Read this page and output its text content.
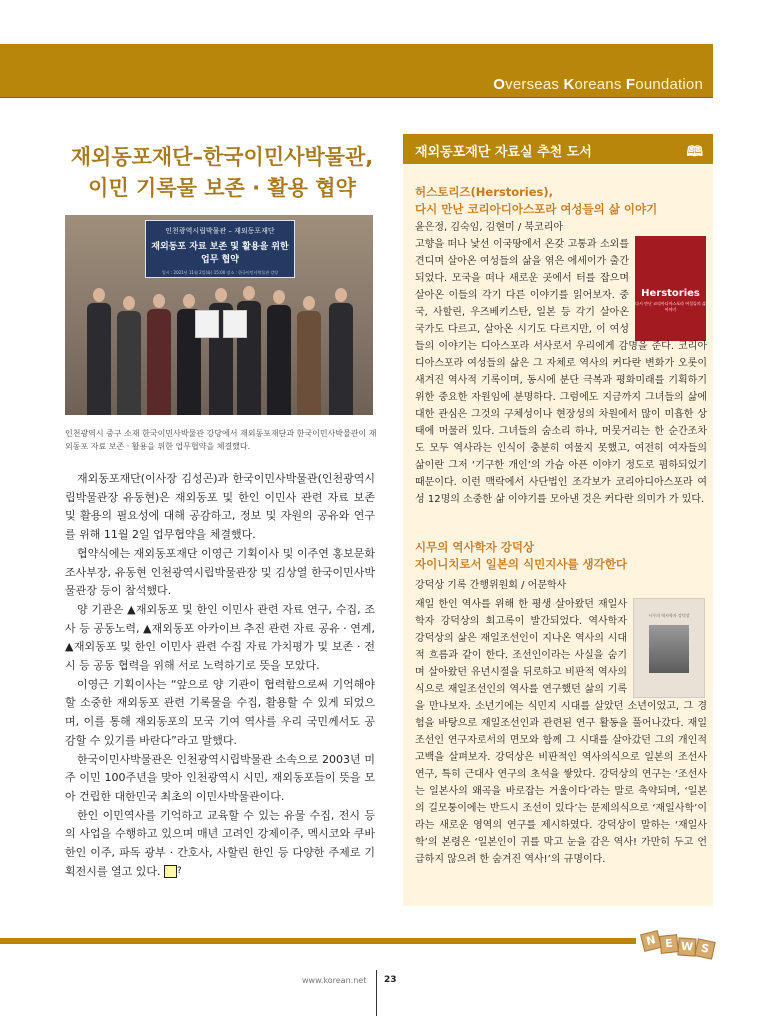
Overseas Koreans Foundation
재외동포재단–한국이민사박물관,
이민 기록물 보존 · 활용 협약
인천광역시립박물관 – 재외동포재단
재외동포 자료 보존 및 활용을 위한 업무 협약
일시 : 2021년 11월 2일(화) 15:00 장소 : 한국이민사박물관 강당
인천광역시 중구 소재 한국이민사박물관 강당에서 재외동포재단과 한국이민사박물관이 재외동포 자료 보존 · 활용을 위한 업무협약을 체결했다.

재외동포재단(이사장 김성곤)과 한국이민사박물관(인천광역시립박물관장 유동현)은 재외동포 및 한인 이민사 관련 자료 보존 및 활용의 필요성에 대해 공감하고, 정보 및 자원의 공유와 연구를 위해 11월 2일 업무협약을 체결했다.

협약식에는 재외동포재단 이영근 기획이사 및 이주연 홍보문화조사부장, 유동현 인천광역시립박물관장 및 김상열 한국이민사박물관장 등이 참석했다.

양 기관은 ▲재외동포 및 한인 이민사 관련 자료 연구, 수집, 조사 등 공동노력, ▲재외동포 아카이브 추진 관련 자료 공유 · 연계, ▲재외동포 및 한인 이민사 관련 수집 자료 가치평가 및 보존 · 전시 등 공동 협력을 위해 서로 노력하기로 뜻을 모았다.

이영근 기획이사는 “앞으로 양 기관이 협력함으로써 기억해야 할 소중한 재외동포 관련 기록물을 수집, 활용할 수 있게 되었으며, 이를 통해 재외동포의 모국 기여 역사를 우리 국민께서도 공감할 수 있기를 바란다”라고 말했다.

한국이민사박물관은 인천광역시립박물관 소속으로 2003년 미주 이민 100주년을 맞아 인천광역시 시민, 재외동포들이 뜻을 모아 건립한 대한민국 최초의 이민사박물관이다.

한인 이민역사를 기억하고 교육할 수 있는 유물 수집, 전시 등의 사업을 수행하고 있으며 매년 고려인 강제이주, 멕시코와 쿠바 한인 이주, 파독 광부 · 간호사, 사할린 한인 등 다양한 주제로 기획전시를 열고 있다. ?

재외동포재단 자료실 추천 도서	🕮
허스토리즈(Herstories),
다시 만난 코리아디아스포라 여성들의 삶 이야기
윤은정, 김숙임, 김현미 / 북코리아
Herstories
다시 만난 코리아디아스포라 여성들의 삶 이야기
고향을 떠나 낯선 이국땅에서 온갖 고통과 소외를 견디며 살아온 여성들의 삶을 엮은 에세이가 출간되었다. 모국을 떠나 새로운 곳에서 터를 잡으며 살아온 이들의 각기 다른 이야기를 읽어보자. 중국, 사할린, 우즈베키스탄, 일본 등 각기 살아온 국가도 다르고, 살아온 시기도 다르지만, 이 여성들의 이야기는 디아스포라 서사로서 우리에게 감명을 준다. 코리아 디아스포라 여성들의 삶은 그 자체로 역사의 커다란 변화가 오롯이 새겨진 역사적 기록이며, 동시에 분단 극복과 평화미래를 기획하기 위한 중요한 자원임에 분명하다. 그럼에도 지금까지 그녀들의 삶에 대한 관심은 그것의 구체성이나 현장성의 차원에서 많이 미흡한 상태에 머물러 있다. 그녀들의 숨소리 하나, 머뭇거리는 한 순간조차도 모두 역사라는 인식이 충분히 여물지 못했고, 여전히 여자들의 삶이란 그저 ‘기구한 개인’의 가슴 아픈 이야기 정도로 폄하되었기 때문이다. 이런 맥락에서 사단법인 조각보가 코리아디아스포라 여성 12명의 소중한 삶 이야기를 모아낸 것은 커다란 의미가 가 있다.
시무의 역사학자 강덕상
자이니치로서 일본의 식민지사를 생각한다
강덕상 기록 간행위원회 / 어문학사
시무의 역사학자 강덕상
재일 한인 역사를 위해 한 평생 살아왔던 재일사학자 강덕상의 회고록이 발간되었다. 역사학자 강덕상의 삶은 재일조선인이 지나온 역사의 시대적 흐름과 같이 한다. 조선인이라는 사실을 숨기며 살아왔던 유년시절을 뒤로하고 비판적 역사의식으로 재일조선인의 역사를 연구했던 삶의 기록을 만나보자. 소년기에는 식민지 시대를 살았던 소년이었고, 그 경험을 바탕으로 재일조선인과 관련된 연구 활동을 풀어나갔다. 재일조선인 연구자로서의 면모와 함께 그 시대를 살아갔던 그의 개인적 고백을 살펴보자. 강덕상은 비판적인 역사의식으로 일본의 조선사 연구, 특히 근대사 연구의 초석을 쌓았다. 강덕상의 연구는 ‘조선사는 일본사의 왜곡을 바로잡는 거울이다’라는 말로 축약되며, ‘일본의 길모퉁이에는 반드시 조선이 있다’는 문제의식으로 ‘재일사학’이라는 새로운 영역의 연구를 제시하였다. 강덕상이 말하는 ‘재일사학’의 본령은 ‘일본인이 귀를 막고 눈을 감은 역사! 가만히 두고 언급하지 않으려 한 숨겨진 역사!’의 규명이다.
N E W S
www.korean.net 23
